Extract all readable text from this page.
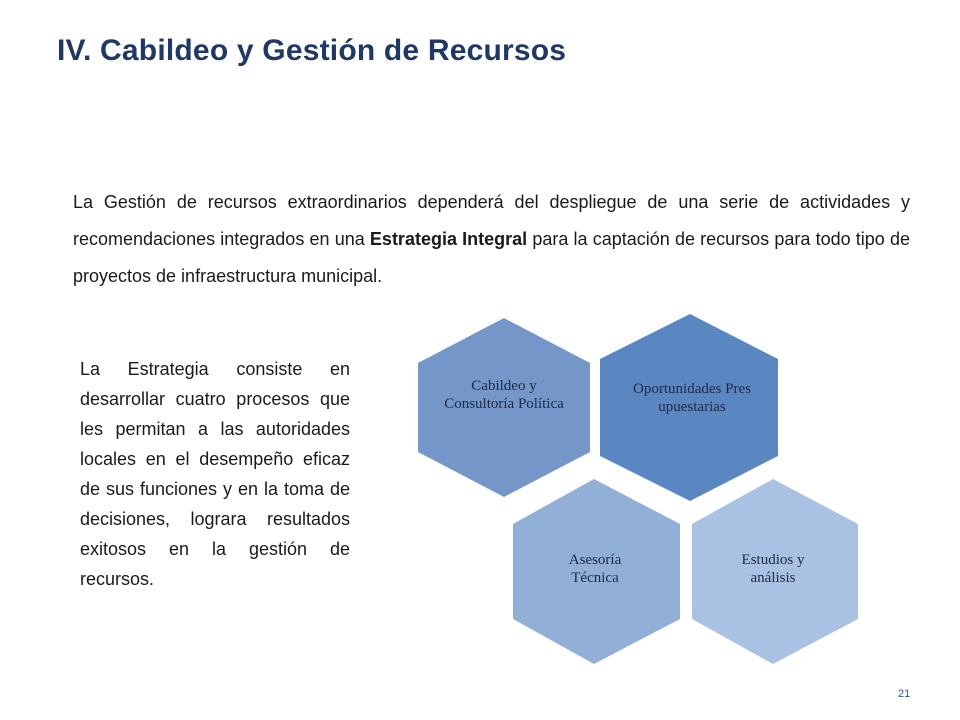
IV. Cabildeo y Gestión de Recursos

La Gestión de recursos extraordinarios dependerá del despliegue de una serie de actividades y recomendaciones integrados en una Estrategia Integral para la captación de recursos para todo tipo de proyectos de infraestructura municipal.

La Estrategia consiste en desarrollar cuatro procesos que les permitan a las autoridades locales en el desempeño eficaz de sus funciones y en la toma de decisiones, lograra resultados exitosos en la gestión de recursos.

Cabildeo y Consultoría Política
Oportunidades Presupuestarias
Asesoría Técnica
Estudios y análisis
21
